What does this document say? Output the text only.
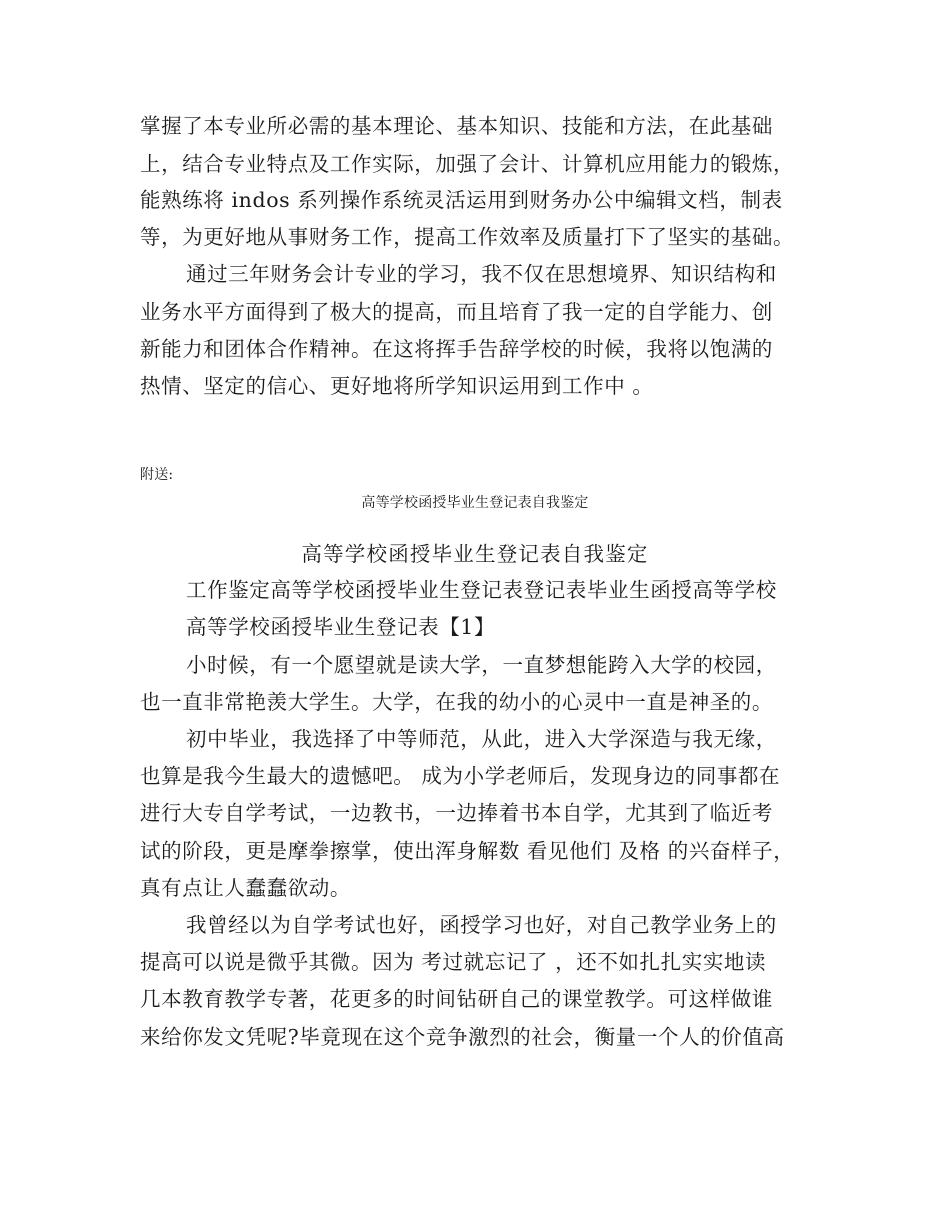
掌握了本专业所必需的基本理论、基本知识、技能和方法，在此基础
上，结合专业特点及工作实际，加强了会计、计算机应用能力的锻炼，
能熟练将 indos 系列操作系统灵活运用到财务办公中编辑文档，制表
等，为更好地从事财务工作，提高工作效率及质量打下了坚实的基础。
通过三年财务会计专业的学习，我不仅在思想境界、知识结构和
业务水平方面得到了极大的提高，而且培育了我一定的自学能力、创
新能力和团体合作精神。在这将挥手告辞学校的时候，我将以饱满的
热情、坚定的信心、更好地将所学知识运用到工作中 。
附送:
高等学校函授毕业生登记表自我鉴定
高等学校函授毕业生登记表自我鉴定
工作鉴定高等学校函授毕业生登记表登记表毕业生函授高等学校
高等学校函授毕业生登记表【1】
小时候，有一个愿望就是读大学，一直梦想能跨入大学的校园，
也一直非常艳羡大学生。大学，在我的幼小的心灵中一直是神圣的。
初中毕业，我选择了中等师范，从此，进入大学深造与我无缘，
也算是我今生最大的遗憾吧。 成为小学老师后，发现身边的同事都在
进行大专自学考试，一边教书，一边捧着书本自学，尤其到了临近考
试的阶段，更是摩拳擦掌，使出浑身解数 看见他们 及格 的兴奋样子，
真有点让人蠢蠢欲动。
我曾经以为自学考试也好，函授学习也好，对自己教学业务上的
提高可以说是微乎其微。因为 考过就忘记了 ，还不如扎扎实实地读
几本教育教学专著，花更多的时间钻研自己的课堂教学。可这样做谁
来给你发文凭呢?毕竟现在这个竞争激烈的社会，衡量一个人的价值高
